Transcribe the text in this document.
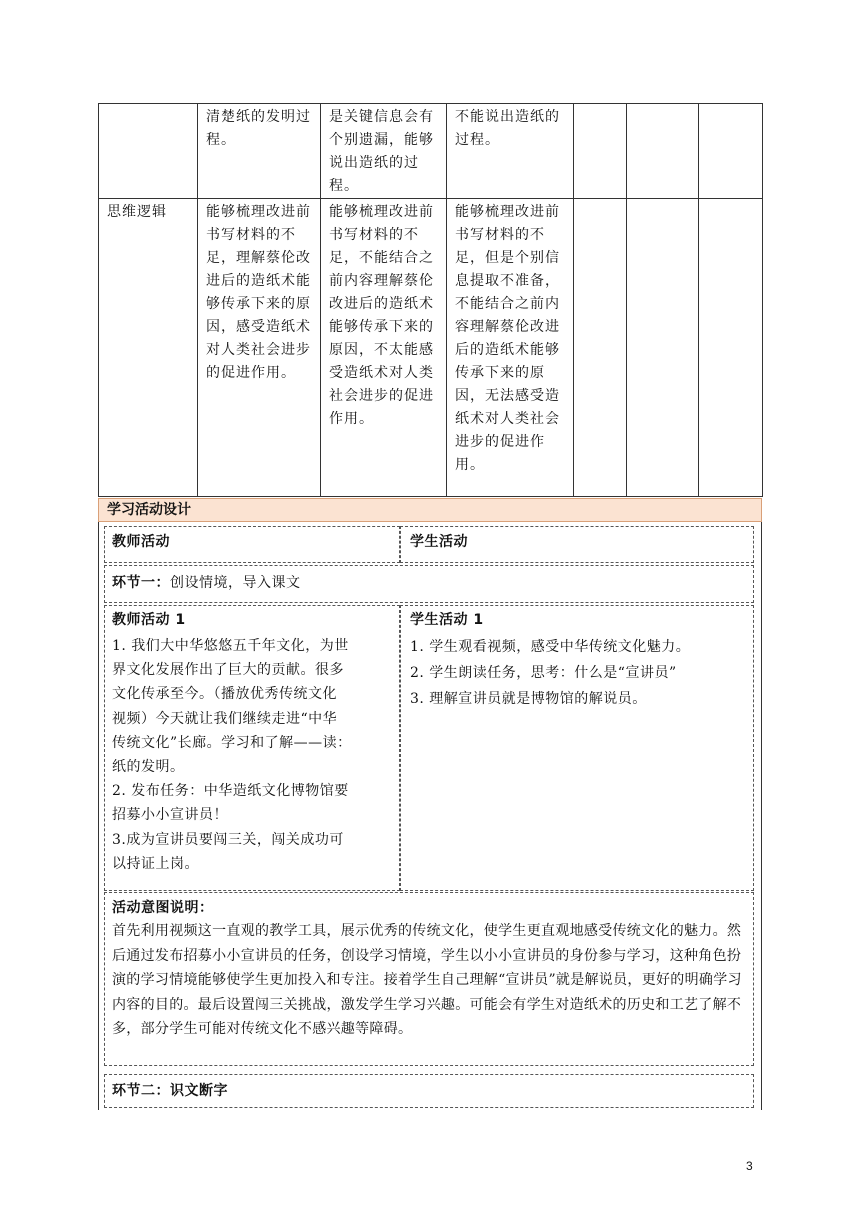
	清楚纸的发明过程。	是关键信息会有个别遗漏，能够说出造纸的过程。	不能说出造纸的过程。			
思维逻辑	能够梳理改进前书写材料的不足，理解蔡伦改进后的造纸术能够传承下来的原因，感受造纸术对人类社会进步的促进作用。	能够梳理改进前书写材料的不足，不能结合之前内容理解蔡伦改进后的造纸术能够传承下来的原因，不太能感受造纸术对人类社会进步的促进作用。	能够梳理改进前书写材料的不足，但是个别信息提取不准备，不能结合之前内容理解蔡伦改进后的造纸术能够传承下来的原因，无法感受造纸术对人类社会进步的促进作用。			
学习活动设计
教师活动	学生活动
环节一：创设情境，导入课文
教师活动 1
1. 我们大中华悠悠五千年文化，为世
界文化发展作出了巨大的贡献。很多
文化传承至今。（播放优秀传统文化
视频）今天就让我们继续走进“中华
传统文化”长廊。学习和了解——读：
纸的发明。
2. 发布任务：中华造纸文化博物馆要
招募小小宣讲员！
3.成为宣讲员要闯三关，闯关成功可
以持证上岗。
学生活动 1
1. 学生观看视频，感受中华传统文化魅力。
2. 学生朗读任务，思考：什么是“宣讲员”
3. 理解宣讲员就是博物馆的解说员。
活动意图说明：
首先利用视频这一直观的教学工具，展示优秀的传统文化，使学生更直观地感受传统文化的魅力。然后通过发布招募小小宣讲员的任务，创设学习情境，学生以小小宣讲员的身份参与学习，这种角色扮演的学习情境能够使学生更加投入和专注。接着学生自己理解“宣讲员”就是解说员，更好的明确学习内容的目的。最后设置闯三关挑战，激发学生学习兴趣。可能会有学生对造纸术的历史和工艺了解不多，部分学生可能对传统文化不感兴趣等障碍。
环节二：识文断字
3
